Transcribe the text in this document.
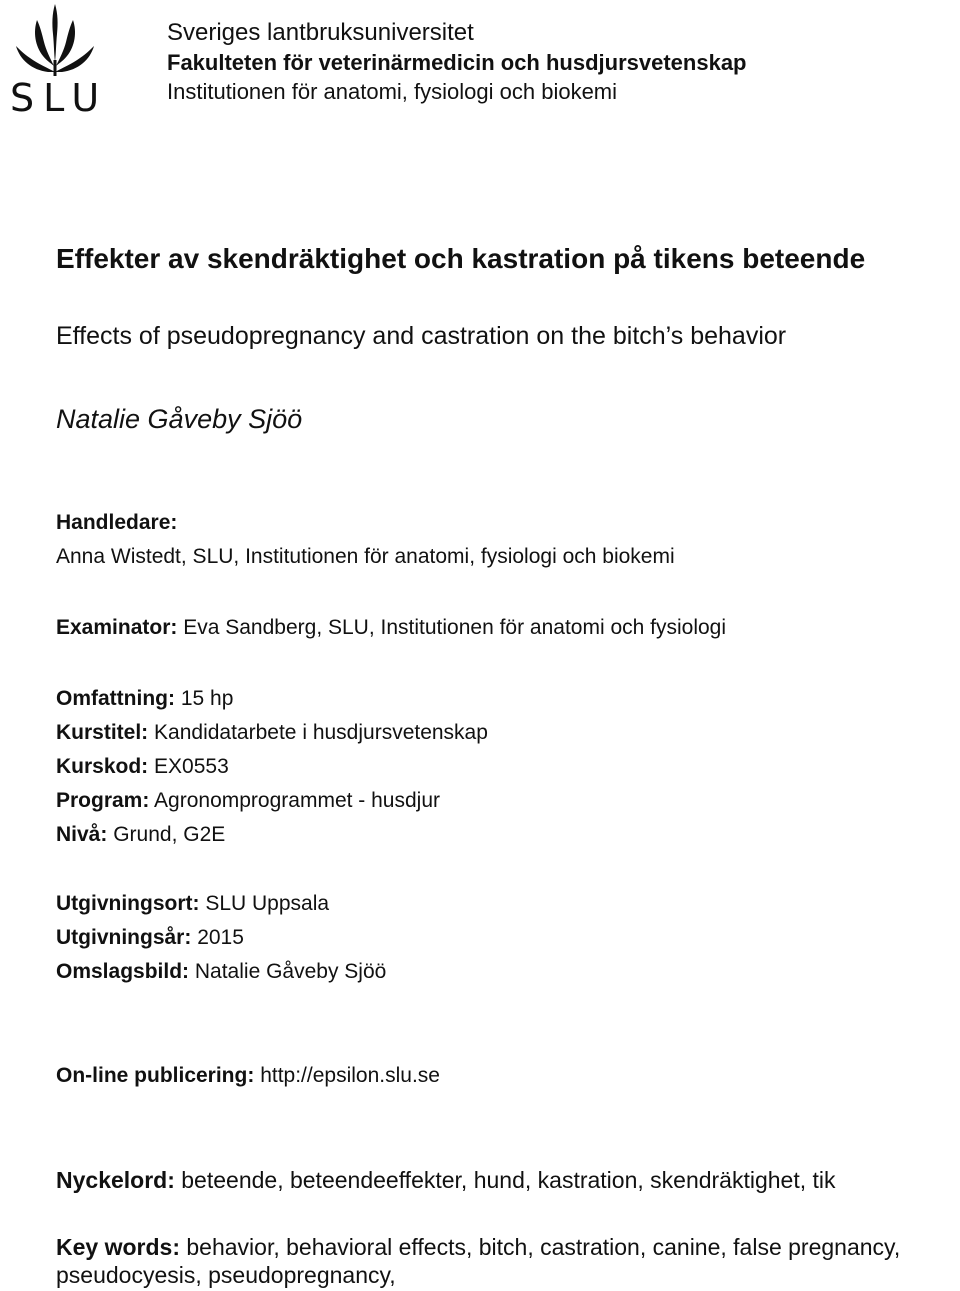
SLU
Sveriges lantbruksuniversitet
Fakulteten för veterinärmedicin och husdjursvetenskap
Institutionen för anatomi, fysiologi och biokemi
Effekter av skendräktighet och kastration på tikens beteende
Effects of pseudopregnancy and castration on the bitch’s behavior
Natalie Gåveby Sjöö
Handledare:
Anna Wistedt, SLU, Institutionen för anatomi, fysiologi och biokemi
Examinator: Eva Sandberg, SLU, Institutionen för anatomi och fysiologi
Omfattning: 15 hp
Kurstitel: Kandidatarbete i husdjursvetenskap
Kurskod: EX0553
Program: Agronomprogrammet - husdjur
Nivå: Grund, G2E
Utgivningsort: SLU Uppsala
Utgivningsår: 2015
Omslagsbild: Natalie Gåveby Sjöö
On-line publicering: http://epsilon.slu.se
Nyckelord: beteende, beteendeeffekter, hund, kastration, skendräktighet, tik
Key words: behavior, behavioral effects, bitch, castration, canine, false pregnancy,
pseudocyesis, pseudopregnancy,
